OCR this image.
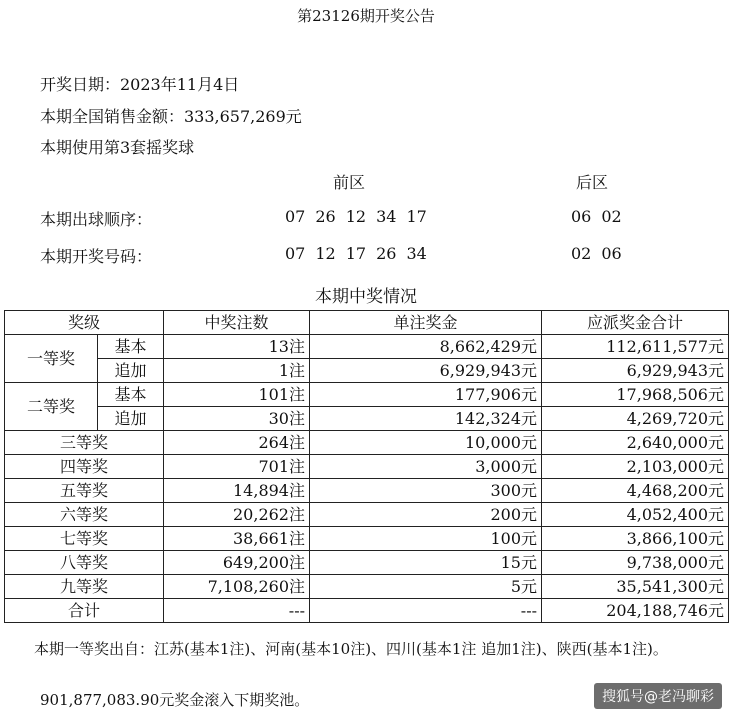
第23126期开奖公告
开奖日期：2023年11月4日
本期全国销售金额：333,657,269元
本期使用第3套摇奖球
前区	后区
本期出球顺序：	07 26 12 34 17	06 02
本期开奖号码：	07 12 17 26 34	02 06
本期中奖情况
奖级		中奖注数	单注奖金	应派奖金合计
一等奖	基本	13注	8,662,429元	112,611,577元
	追加	1注	6,929,943元	6,929,943元
二等奖	基本	101注	177,906元	17,968,506元
	追加	30注	142,324元	4,269,720元
三等奖		264注	10,000元	2,640,000元
四等奖		701注	3,000元	2,103,000元
五等奖		14,894注	300元	4,468,200元
六等奖		20,262注	200元	4,052,400元
七等奖		38,661注	100元	3,866,100元
八等奖		649,200注	15元	9,738,000元
九等奖		7,108,260注	5元	35,541,300元
合计		---	---	204,188,746元
本期一等奖出自：江苏(基本1注)、河南(基本10注)、四川(基本1注 追加1注)、陕西(基本1注)。
901,877,083.90元奖金滚入下期奖池。	搜狐号@老冯聊彩
